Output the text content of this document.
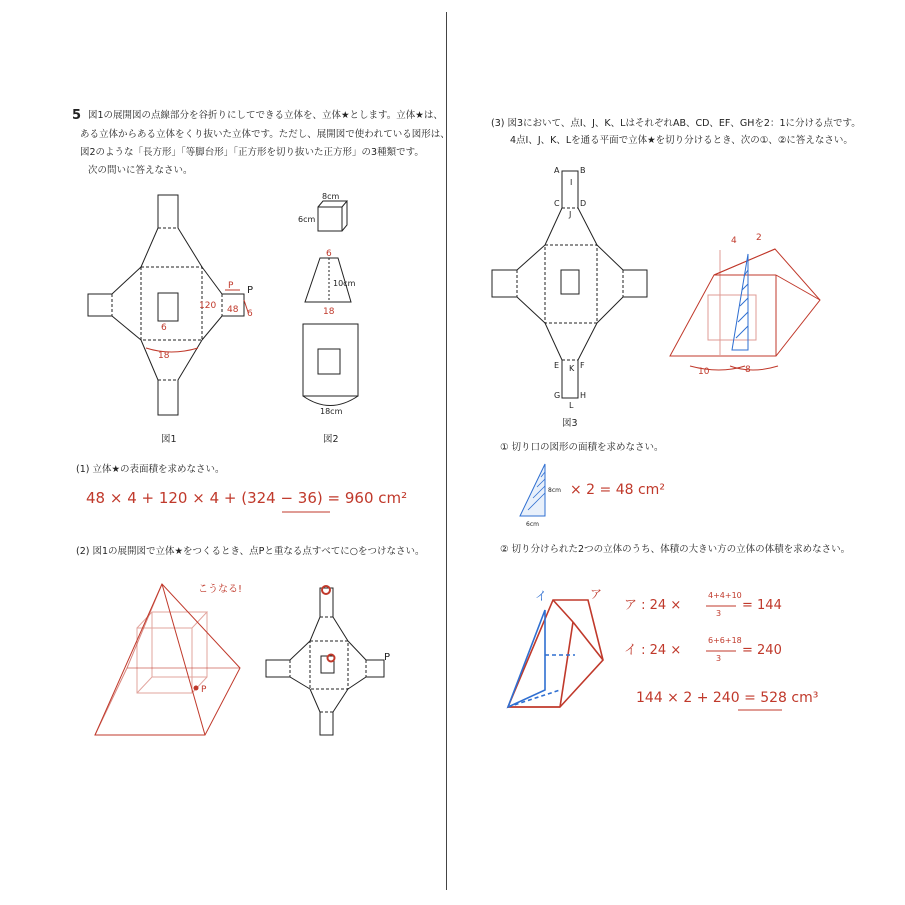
5 図1の展開図の点線部分を谷折りにしてできる立体を、立体★とします。立体★は、
ある立体からある立体をくり抜いた立体です。ただし、展開図で使われている図形は、
図2のような「長方形」「等脚台形」「正方形を切り抜いた正方形」の3種類です。
次の問いに答えなさい。
P
120 48 6
6
18
P
図1
8cm
6cm
6
10cm
18
18cm
図2
(1) 立体★の表面積を求めなさい。
48 × 4 + 120 × 4 + (324 − 36) = 960 cm²
(2) 図1の展開図で立体★をつくるとき、点Pと重なる点すべてに○をつけなさい。
こうなる!
P
P
(3) 図3において、点I、J、K、LはそれぞれAB、CD、EF、GHを2：1に分ける点です。
4点I、J、K、Lを通る平面で立体★を切り分けるとき、次の①、②に答えなさい。
A	B
I
C	D
J
E	F
K
G H
L
図3
4 2
10	8
① 切り口の図形の面積を求めなさい。
8cm
6cm
× 2 = 48 cm²
② 切り分けられた2つの立体のうち、体積の大きい方の立体の体積を求めなさい。
イ	ア
ア : 24 ×
4+4+10
3
= 144
イ : 24 ×
6+6+18
3
= 240
144 × 2 + 240 = 528 cm³
